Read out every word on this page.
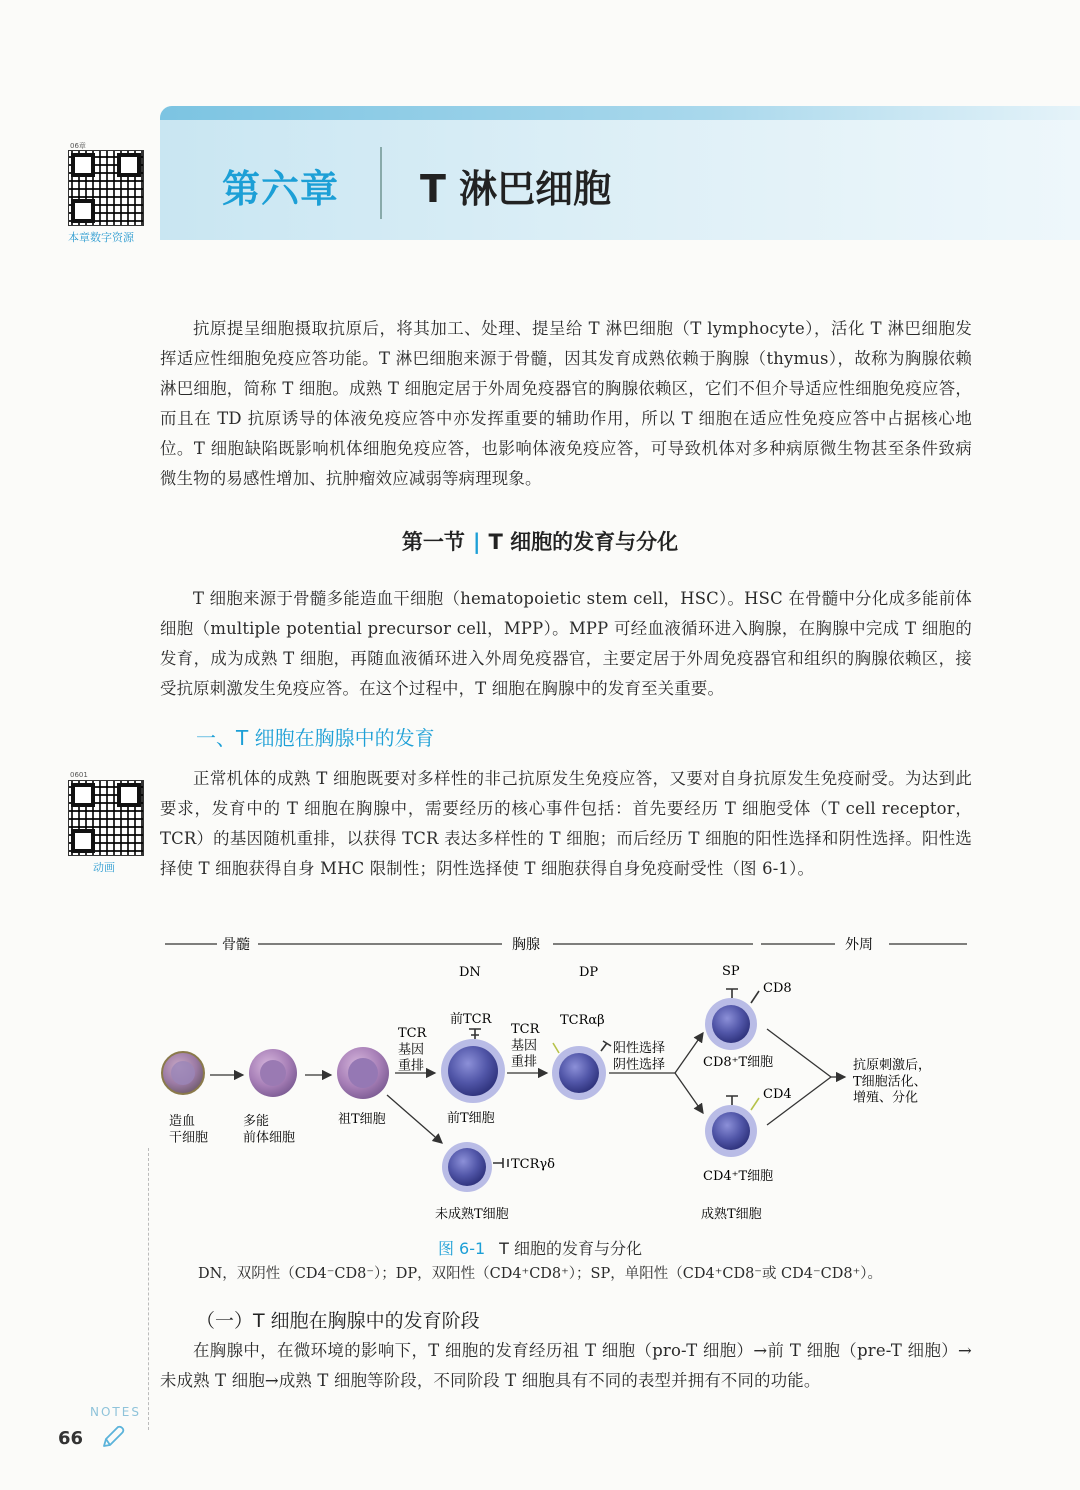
第六章 T 淋巴细胞
06章
本章数字资源
0601
动画
抗原提呈细胞摄取抗原后，将其加工、处理、提呈给 T 淋巴细胞（T lymphocyte），活化 T 淋巴细胞发挥适应性细胞免疫应答功能。T 淋巴细胞来源于骨髓，因其发育成熟依赖于胸腺（thymus），故称为胸腺依赖淋巴细胞，简称 T 细胞。成熟 T 细胞定居于外周免疫器官的胸腺依赖区，它们不但介导适应性细胞免疫应答，而且在 TD 抗原诱导的体液免疫应答中亦发挥重要的辅助作用，所以 T 细胞在适应性免疫应答中占据核心地位。T 细胞缺陷既影响机体细胞免疫应答，也影响体液免疫应答，可导致机体对多种病原微生物甚至条件致病微生物的易感性增加、抗肿瘤效应减弱等病理现象。
第一节 | T 细胞的发育与分化
T 细胞来源于骨髓多能造血干细胞（hematopoietic stem cell，HSC）。HSC 在骨髓中分化成多能前体细胞（multiple potential precursor cell，MPP）。MPP 可经血液循环进入胸腺，在胸腺中完成 T 细胞的发育，成为成熟 T 细胞，再随血液循环进入外周免疫器官，主要定居于外周免疫器官和组织的胸腺依赖区，接受抗原刺激发生免疫应答。在这个过程中，T 细胞在胸腺中的发育至关重要。
一、T 细胞在胸腺中的发育
正常机体的成熟 T 细胞既要对多样性的非己抗原发生免疫应答，又要对自身抗原发生免疫耐受。为达到此要求，发育中的 T 细胞在胸腺中，需要经历的核心事件包括：首先要经历 T 细胞受体（T cell receptor，TCR）的基因随机重排，以获得 TCR 表达多样性的 T 细胞；而后经历 T 细胞的阳性选择和阴性选择。阳性选择使 T 细胞获得自身 MHC 限制性；阴性选择使 T 细胞获得自身免疫耐受性（图 6-1）。
骨髓	胸腺	外周
DN	DP	SP
造血干细胞
多能前体细胞
祖T细胞
TCR 基因重排
前TCR
前T细胞
TCRγδ
未成熟T细胞
TCR 基因重排
TCRαβ
阳性选择阴性选择
CD8
CD8⁺T细胞
CD4
CD4⁺T细胞
成熟T细胞
抗原刺激后， T细胞活化、增殖、分化
图 6-1 T 细胞的发育与分化
DN，双阴性（CD4⁻CD8⁻）；DP，双阳性（CD4⁺CD8⁺）；SP，单阳性（CD4⁺CD8⁻或 CD4⁻CD8⁺）。
（一）T 细胞在胸腺中的发育阶段
在胸腺中，在微环境的影响下，T 细胞的发育经历祖 T 细胞（pro-T 细胞）→前 T 细胞（pre-T 细胞）→未成熟 T 细胞→成熟 T 细胞等阶段，不同阶段 T 细胞具有不同的表型并拥有不同的功能。
NOTES
66
